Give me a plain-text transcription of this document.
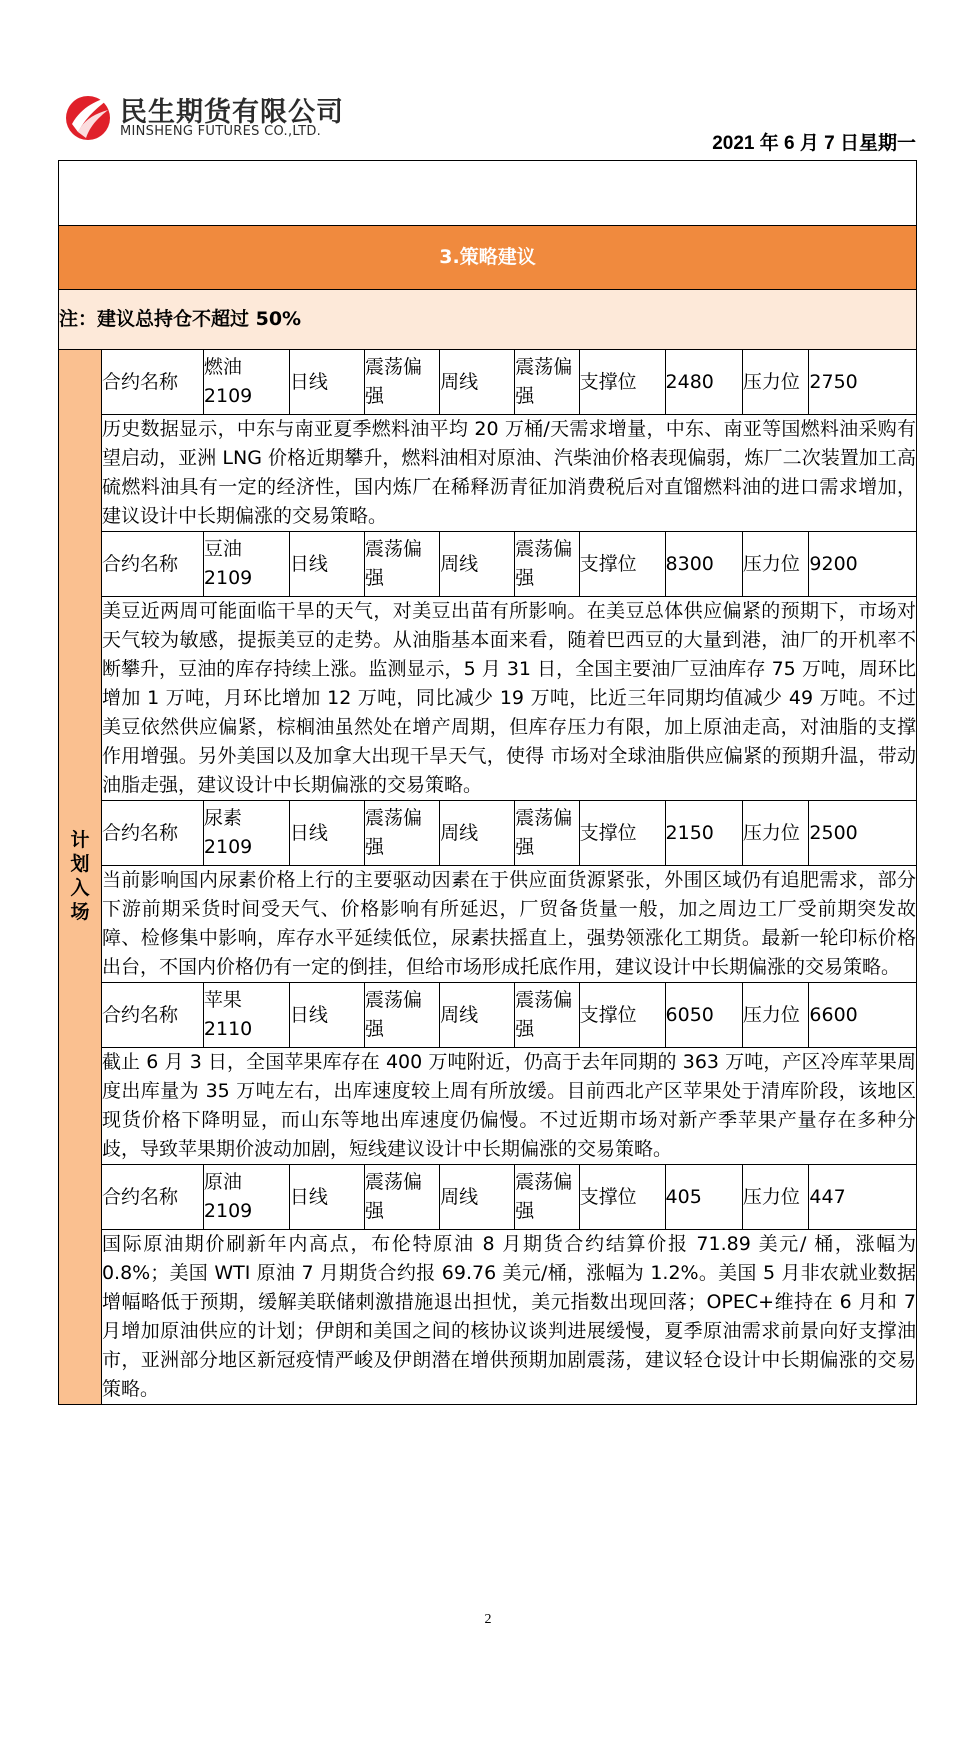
民生期货有限公司
MINSHENG FUTURES CO.,LTD.
2021 年 6 月 7 日星期一

3.策略建议										
注：建议总持仓不超过 50%										
计划入场	合约名称	燃油2109	日线	震荡偏强	周线	震荡偏强	支撑位	2480	压力位	2750
	历史数据显示，中东与南亚夏季燃料油平均 20 万桶/天需求增量，中东、南亚等国燃料油采购有望启动，亚洲 LNG 价格近期攀升，燃料油相对原油、汽柴油价格表现偏弱，炼厂二次装置加工高硫燃料油具有一定的经济性，国内炼厂在稀释沥青征加消费税后对直馏燃料油的进口需求增加，建议设计中长期偏涨的交易策略。									
	合约名称	豆油2109	日线	震荡偏强	周线	震荡偏强	支撑位	8300	压力位	9200
	美豆近两周可能面临干旱的天气，对美豆出苗有所影响。在美豆总体供应偏紧的预期下，市场对天气较为敏感，提振美豆的走势。从油脂基本面来看，随着巴西豆的大量到港，油厂的开机率不断攀升，豆油的库存持续上涨。监测显示，5 月 31 日，全国主要油厂豆油库存 75 万吨，周环比增加 1 万吨，月环比增加 12 万吨，同比减少 19 万吨，比近三年同期均值减少 49 万吨。不过美豆依然供应偏紧，棕榈油虽然处在增产周期，但库存压力有限，加上原油走高，对油脂的支撑作用增强。另外美国以及加拿大出现干旱天气，使得 市场对全球油脂供应偏紧的预期升温，带动油脂走强，建议设计中长期偏涨的交易策略。									
	合约名称	尿素2109	日线	震荡偏强	周线	震荡偏强	支撑位	2150	压力位	2500
	当前影响国内尿素价格上行的主要驱动因素在于供应面货源紧张，外围区域仍有追肥需求，部分下游前期采货时间受天气、价格影响有所延迟，厂贸备货量一般，加之周边工厂受前期突发故障、检修集中影响，库存水平延续低位，尿素扶摇直上，强势领涨化工期货。最新一轮印标价格出台，不国内价格仍有一定的倒挂，但给市场形成托底作用，建议设计中长期偏涨的交易策略。									
	合约名称	苹果2110	日线	震荡偏强	周线	震荡偏强	支撑位	6050	压力位	6600
	截止 6 月 3 日，全国苹果库存在 400 万吨附近，仍高于去年同期的 363 万吨，产区冷库苹果周度出库量为 35 万吨左右，出库速度较上周有所放缓。目前西北产区苹果处于清库阶段，该地区现货价格下降明显，而山东等地出库速度仍偏慢。不过近期市场对新产季苹果产量存在多种分歧，导致苹果期价波动加剧，短线建议设计中长期偏涨的交易策略。									
	合约名称	原油2109	日线	震荡偏强	周线	震荡偏强	支撑位	405	压力位	447
	国际原油期价刷新年内高点，布伦特原油 8 月期货合约结算价报 71.89 美元/ 桶，涨幅为 0.8%；美国 WTI 原油 7 月期货合约报 69.76 美元/桶，涨幅为 1.2%。美国 5 月非农就业数据增幅略低于预期，缓解美联储刺激措施退出担忧，美元指数出现回落；OPEC+维持在 6 月和 7 月增加原油供应的计划；伊朗和美国之间的核协议谈判进展缓慢，夏季原油需求前景向好支撑油市，亚洲部分地区新冠疫情严峻及伊朗潜在增供预期加剧震荡，建议轻仓设计中长期偏涨的交易策略。									
2
